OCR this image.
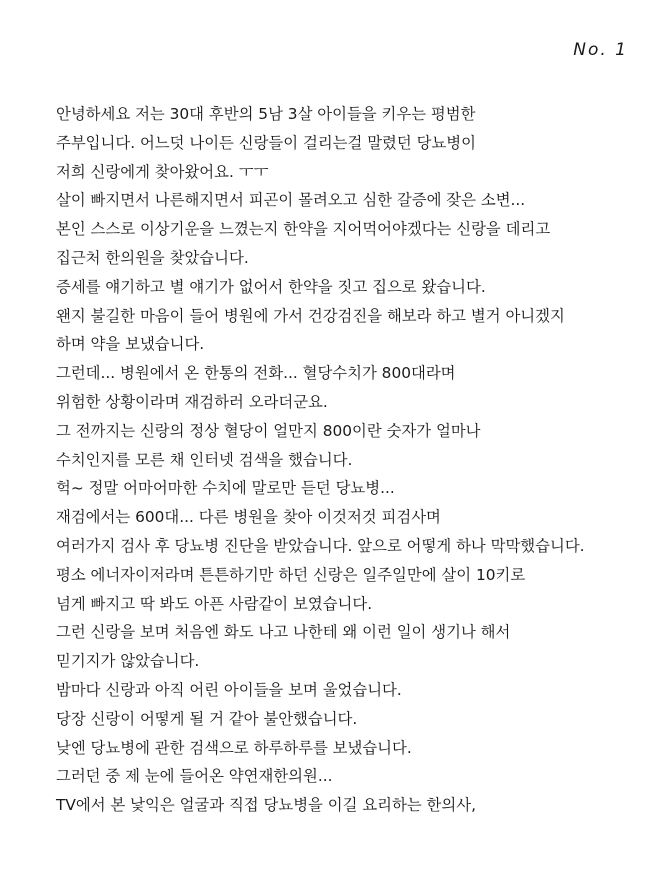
No. 1
안녕하세요 저는 30대 후반의 5남 3살 아이들을 키우는 평범한
주부입니다. 어느덧 나이든 신랑들이 걸리는걸 말렸던 당뇨병이
저희 신랑에게 찾아왔어요. ㅜㅜ
살이 빠지면서 나른해지면서 피곤이 몰려오고 심한 갈증에 잦은 소변...
본인 스스로 이상기운을 느꼈는지 한약을 지어먹어야겠다는 신랑을 데리고
집근처 한의원을 찾았습니다.
증세를 얘기하고 별 얘기가 없어서 한약을 짓고 집으로 왔습니다.
왠지 불길한 마음이 들어 병원에 가서 건강검진을 해보라 하고 별거 아니겠지
하며 약을 보냈습니다.
그런데... 병원에서 온 한통의 전화... 혈당수치가 800대라며
위험한 상황이라며 재검하러 오라더군요.
그 전까지는 신랑의 정상 혈당이 얼만지 800이란 숫자가 얼마나
수치인지를 모른 채 인터넷 검색을 했습니다.
헉~ 정말 어마어마한 수치에 말로만 듣던 당뇨병...
재검에서는 600대... 다른 병원을 찾아 이것저것 피검사며
여러가지 검사 후 당뇨병 진단을 받았습니다. 앞으로 어떻게 하나 막막했습니다.
평소 에너자이저라며 튼튼하기만 하던 신랑은 일주일만에 살이 10키로
넘게 빠지고 딱 봐도 아픈 사람같이 보였습니다.
그런 신랑을 보며 처음엔 화도 나고 나한테 왜 이런 일이 생기나 해서
믿기지가 않았습니다.
밤마다 신랑과 아직 어린 아이들을 보며 울었습니다.
당장 신랑이 어떻게 될 거 같아 불안했습니다.
낮엔 당뇨병에 관한 검색으로 하루하루를 보냈습니다.
그러던 중 제 눈에 들어온 약연재한의원...
TV에서 본 낯익은 얼굴과 직접 당뇨병을 이길 요리하는 한의사,
